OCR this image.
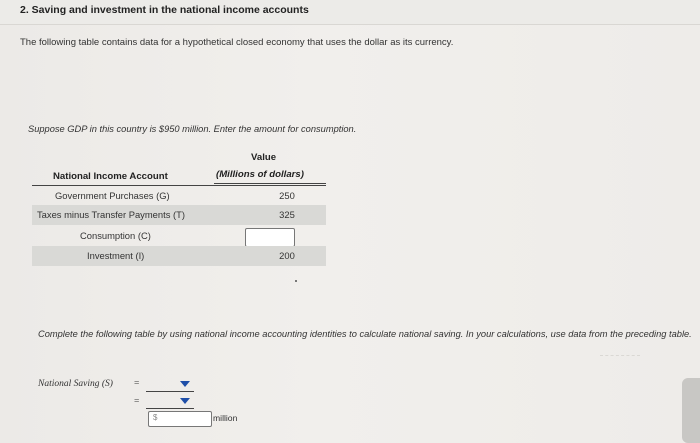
2. Saving and investment in the national income accounts
The following table contains data for a hypothetical closed economy that uses the dollar as its currency.
Suppose GDP in this country is $950 million. Enter the amount for consumption.
Value
National Income Account	(Millions of dollars)
Government Purchases (G)	250
Taxes minus Transfer Payments (T)	325
Consumption (C)
Investment (I)	200
Complete the following table by using national income accounting identities to calculate national saving. In your calculations, use data from the preceding table.
National Saving (S) =
=
$	million
